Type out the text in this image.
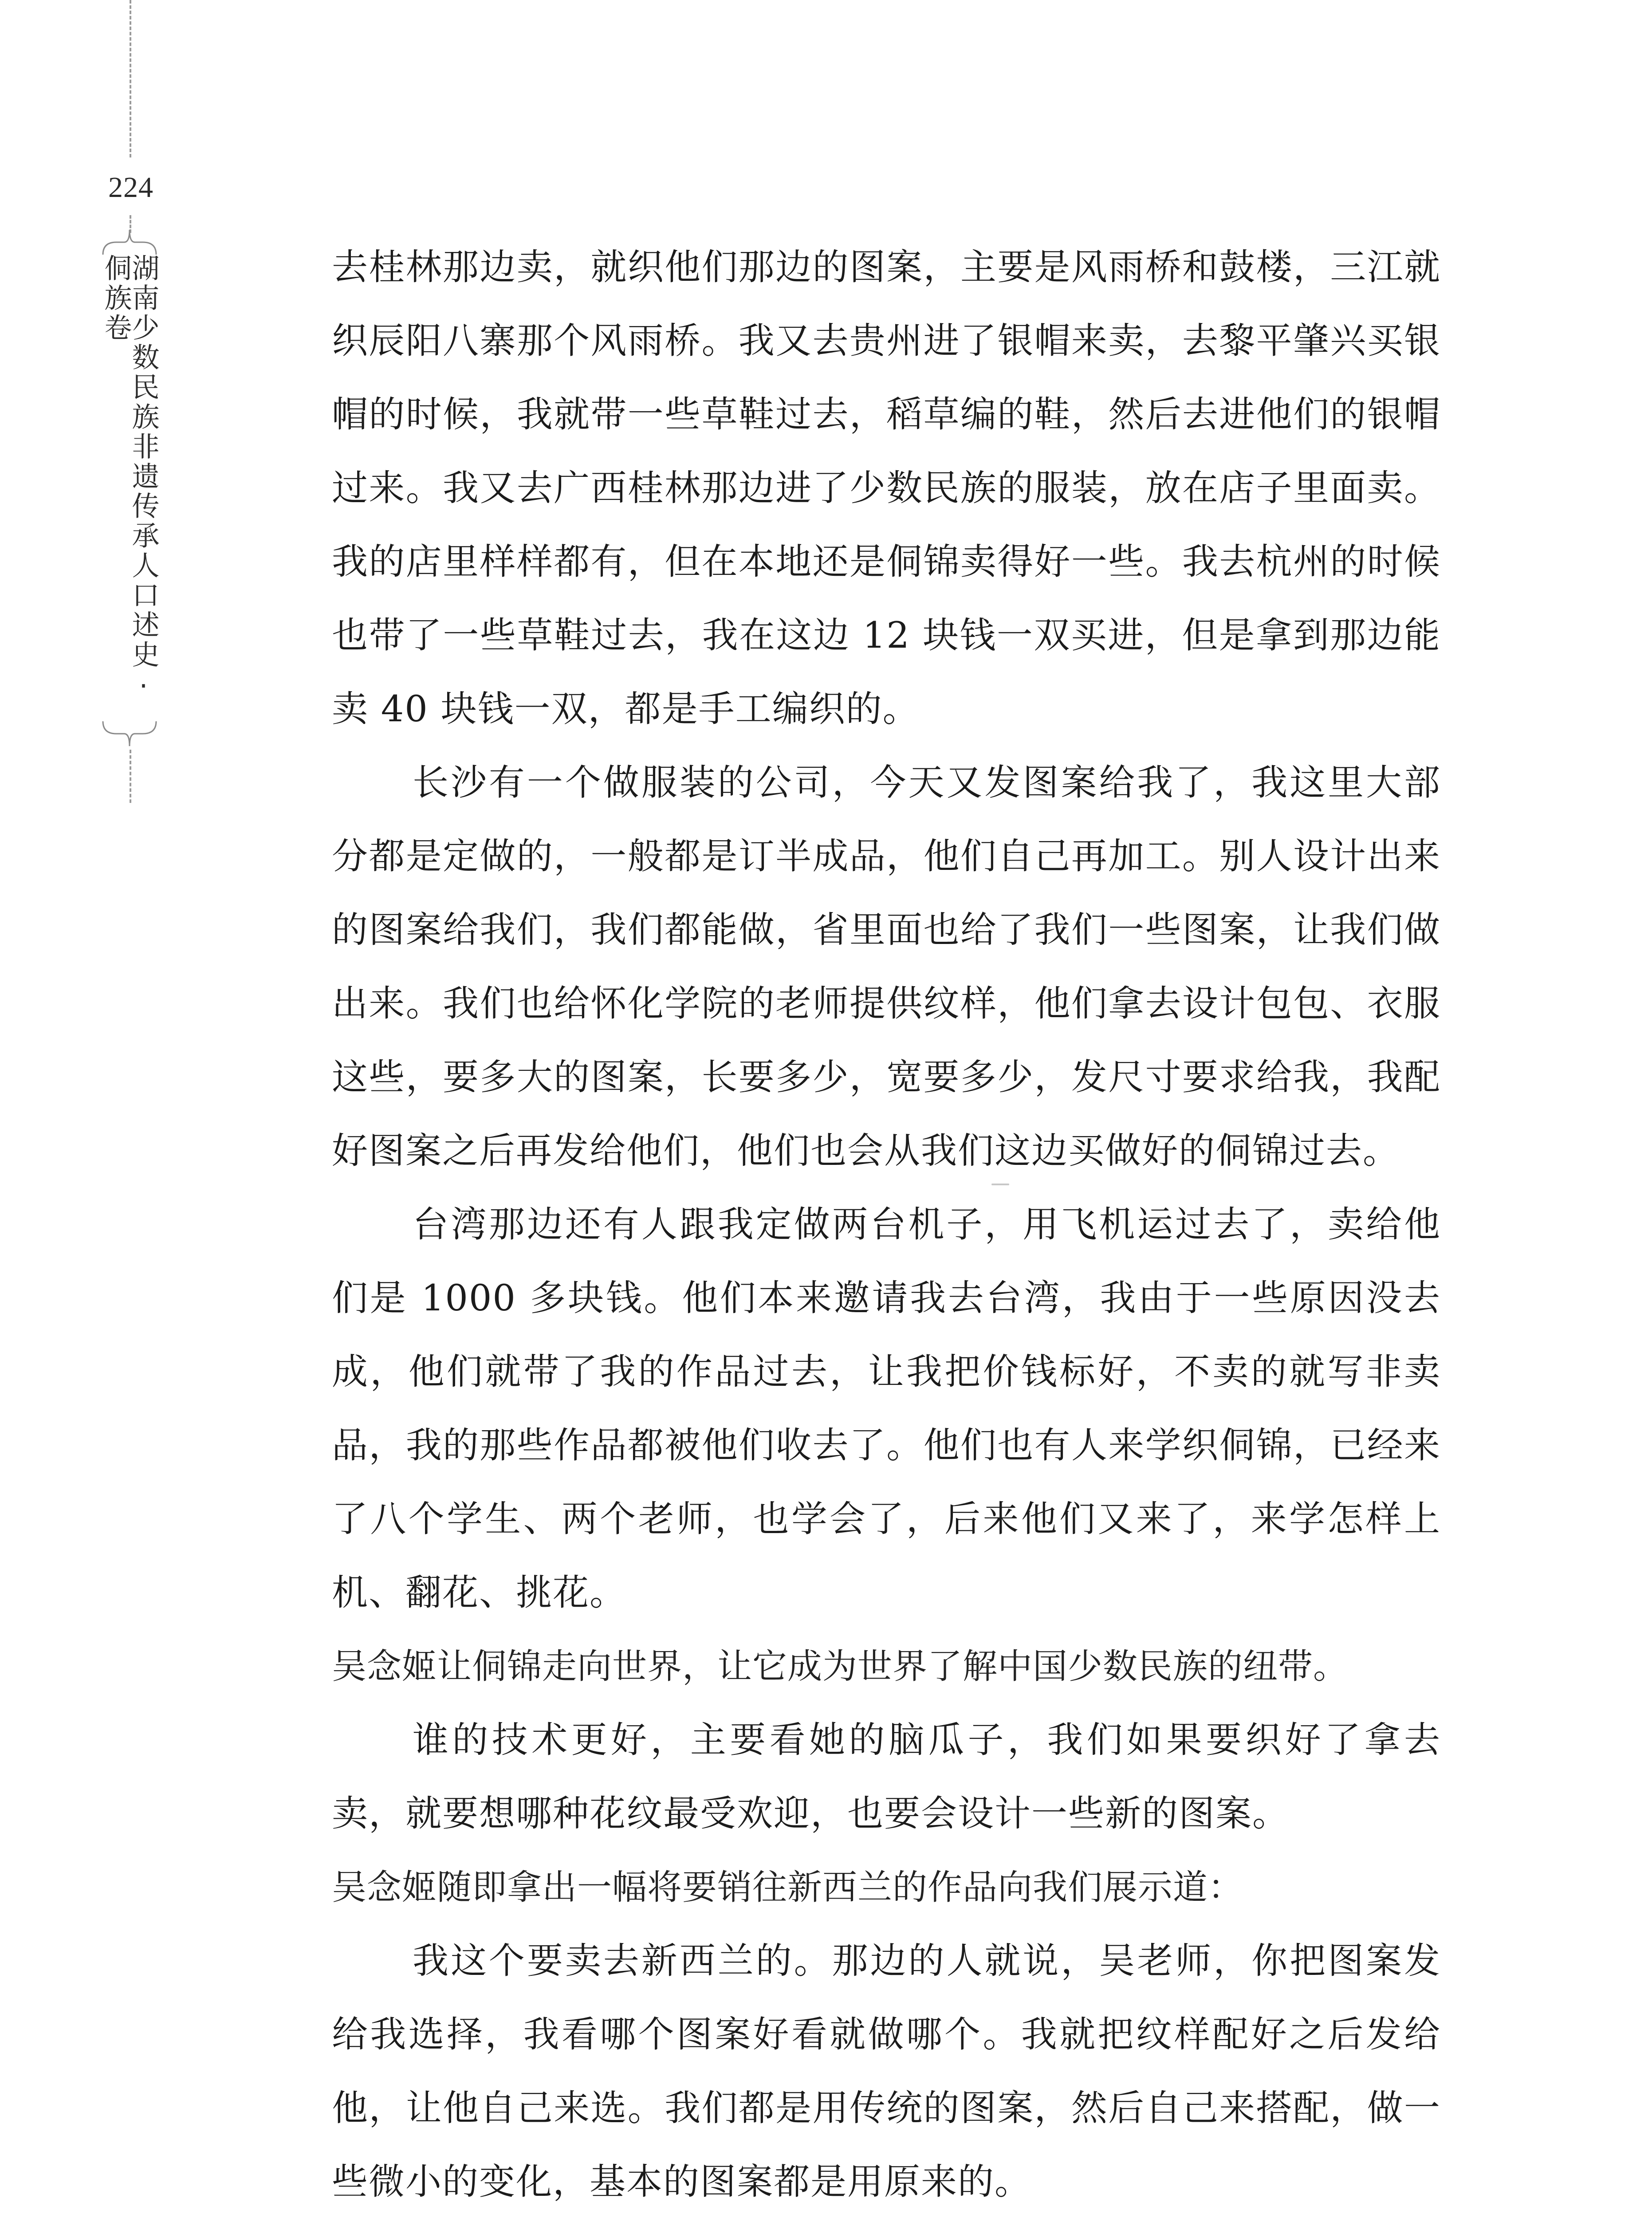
224
湖南少数民族非遗传承人口述史·侗族卷	去桂林那边卖，就织他们那边的图案，主要是风雨桥和鼓楼，三江就织辰阳八寨那个风雨桥。我又去贵州进了银帽来卖，去黎平肇兴买银帽的时候，我就带一些草鞋过去，稻草编的鞋，然后去进他们的银帽过来。我又去广西桂林那边进了少数民族的服装，放在店子里面卖。我的店里样样都有，但在本地还是侗锦卖得好一些。我去杭州的时候也带了一些草鞋过去，我在这边 12 块钱一双买进，但是拿到那边能卖 40 块钱一双，都是手工编织的。

长沙有一个做服装的公司，今天又发图案给我了，我这里大部分都是定做的，一般都是订半成品，他们自己再加工。别人设计出来的图案给我们，我们都能做，省里面也给了我们一些图案，让我们做出来。我们也给怀化学院的老师提供纹样，他们拿去设计包包、衣服这些，要多大的图案，长要多少，宽要多少，发尺寸要求给我，我配好图案之后再发给他们，他们也会从我们这边买做好的侗锦过去。

台湾那边还有人跟我定做两台机子，用飞机运过去了，卖给他们是 1000 多块钱。他们本来邀请我去台湾，我由于一些原因没去成，他们就带了我的作品过去，让我把价钱标好，不卖的就写非卖品，我的那些作品都被他们收去了。他们也有人来学织侗锦，已经来了八个学生、两个老师，也学会了，后来他们又来了，来学怎样上机、翻花、挑花。

吴念姬让侗锦走向世界，让它成为世界了解中国少数民族的纽带。

谁的技术更好，主要看她的脑瓜子，我们如果要织好了拿去卖，就要想哪种花纹最受欢迎，也要会设计一些新的图案。

吴念姬随即拿出一幅将要销往新西兰的作品向我们展示道：

我这个要卖去新西兰的。那边的人就说，吴老师，你把图案发给我选择，我看哪个图案好看就做哪个。我就把纹样配好之后发给他，让他自己来选。我们都是用传统的图案，然后自己来搭配，做一些微小的变化，基本的图案都是用原来的。
